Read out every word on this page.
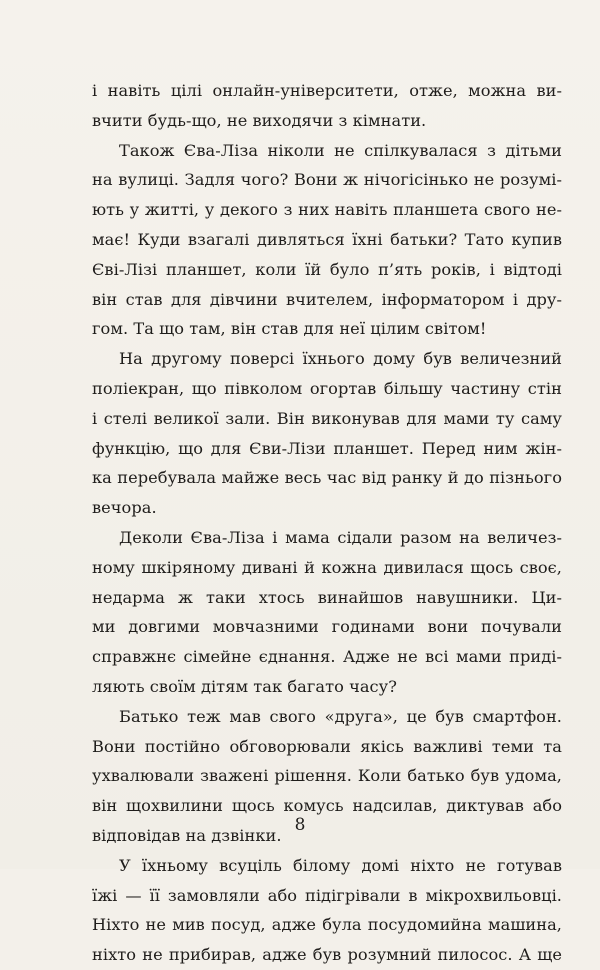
і навіть цілі онлайн-університети, отже, можна ви-
вчити будь-що, не виходячи з кімнати.
Також Єва-Ліза ніколи не спілкувалася з дітьми
на вулиці. Задля чого? Вони ж нічогісінько не розумі-
ють у житті, у декого з них навіть планшета свого не-
має! Куди взагалі дивляться їхні батьки? Тато купив
Єві-Лізі планшет, коли їй було п’ять років, і відтоді
він став для дівчини вчителем, інформатором і дру-
гом. Та що там, він став для неї цілим світом!
На другому поверсі їхнього дому був величезний
поліекран, що півколом огортав більшу частину стін
і стелі великої зали. Він виконував для мами ту саму
функцію, що для Єви-Лізи планшет. Перед ним жін-
ка перебувала майже весь час від ранку й до пізнього
вечора.
Деколи Єва-Ліза і мама сідали разом на величез-
ному шкіряному дивані й кожна дивилася щось своє,
недарма ж таки хтось винайшов навушники. Ци-
ми довгими мовчазними годинами вони почували
справжнє сімейне єднання. Адже не всі мами приді-
ляють своїм дітям так багато часу?
Батько теж мав свого «друга», це був смартфон.
Вони постійно обговорювали якісь важливі теми та
ухвалювали зважені рішення. Коли батько був удома,
він щохвилини щось комусь надсилав, диктував або
відповідав на дзвінки.
У їхньому всуціль білому домі ніхто не готував
їжі — її замовляли або підігрівали в мікрохвильовці.
Ніхто не мив посуд, адже була посудомийна машина,
ніхто не прибирав, адже був розумний пилосос. А ще
8
